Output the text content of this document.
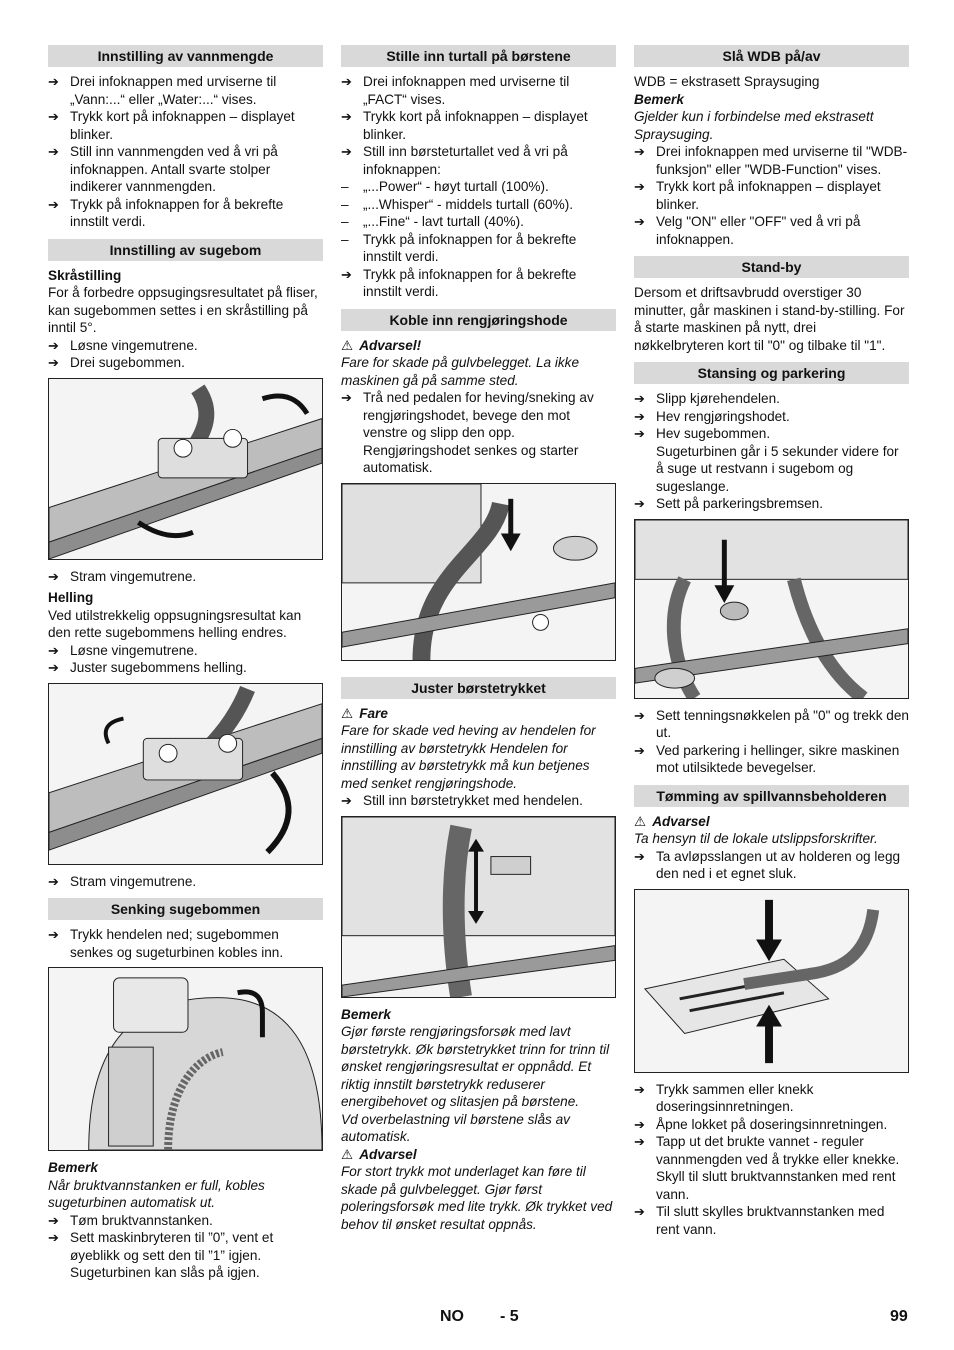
Innstilling av vannmengde
➔ Drei infoknappen med urviserne til „Vann:...“ eller „Water:...“ vises.
➔ Trykk kort på infoknappen – displayet blinker.
➔ Still inn vannmengden ved å vri på infoknappen. Antall svarte stolper indikerer vannmengden.
➔ Trykk på infoknappen for å bekrefte innstilt verdi.
Innstilling av sugebom
Skråstilling
For å forbedre oppsugingsresultatet på fliser, kan sugebommen settes i en skråstilling på inntil 5°.
➔ Løsne vingemutrene.
➔ Drei sugebommen.
➔ Stram vingemutrene.
Helling
Ved utilstrekkelig oppsugningsresultat kan den rette sugebommens helling endres.
➔ Løsne vingemutrene.
➔ Juster sugebommens helling.
➔ Stram vingemutrene.
Senking sugebommen
➔ Trykk hendelen ned; sugebommen senkes og sugeturbinen kobles inn.
Bemerk
Når bruktvannstanken er full, kobles sugeturbinen automatisk ut.
➔ Tøm bruktvannstanken.
➔ Sett maskinbryteren til ”0”, vent et øyeblikk og sett den til ”1” igjen.
Sugeturbinen kan slås på igjen.
Stille inn turtall på børstene
➔ Drei infoknappen med urviserne til „FACT“ vises.
➔ Trykk kort på infoknappen – displayet blinker.
➔ Still inn børsteturtallet ved å vri på infoknappen:
– „...Power“ - høyt turtall (100%).
– „...Whisper“ - middels turtall (60%).
– „...Fine“ - lavt turtall (40%).
– Trykk på infoknappen for å bekrefte innstilt verdi.
➔ Trykk på infoknappen for å bekrefte innstilt verdi.
Koble inn rengjøringshode
⚠ Advarsel!
Fare for skade på gulvbelegget. La ikke maskinen gå på samme sted.
➔ Trå ned pedalen for heving/sneking av rengjøringshodet, bevege den mot venstre og slipp den opp.
Rengjøringshodet senkes og starter automatisk.
Juster børstetrykket
⚠ Fare
Fare for skade ved heving av hendelen for innstilling av børstetrykk Hendelen for innstilling av børstetrykk må kun betjenes med senket rengjøringshode.
➔ Still inn børstetrykket med hendelen.
Bemerk
Gjør første rengjøringsforsøk med lavt børstetrykk. Øk børstetrykket trinn for trinn til ønsket rengjøringsresultat er oppnådd. Et riktig innstilt børstetrykk reduserer energibehovet og slitasjen på børstene.
Vd overbelastning vil børstene slås av automatisk.
⚠ Advarsel
For stort trykk mot underlaget kan føre til skade på gulvbelegget. Gjør først poleringsforsøk med lite trykk. Øk trykket ved behov til ønsket resultat oppnås.
Slå WDB på/av
WDB = ekstrasett Spraysuging
Bemerk
Gjelder kun i forbindelse med ekstrasett Spraysuging.
➔ Drei infoknappen med urviserne til "WDB-funksjon" eller "WDB-Function" vises.
➔ Trykk kort på infoknappen – displayet blinker.
➔ Velg "ON" eller "OFF" ved å vri på infoknappen.
Stand-by
Dersom et driftsavbrudd overstiger 30 minutter, går maskinen i stand-by-stilling. For å starte maskinen på nytt, drei nøkkelbryteren kort til "0" og tilbake til "1".
Stansing og parkering
➔ Slipp kjørehendelen.
➔ Hev rengjøringshodet.
➔ Hev sugebommen.
Sugeturbinen går i 5 sekunder videre for å suge ut restvann i sugebom og sugeslange.
➔ Sett på parkeringsbremsen.
➔ Sett tenningsnøkkelen på "0" og trekk den ut.
➔ Ved parkering i hellinger, sikre maskinen mot utilsiktede bevegelser.
Tømming av spillvannsbeholderen
⚠ Advarsel
Ta hensyn til de lokale utslippsforskrifter.
➔ Ta avløpsslangen ut av holderen og legg den ned i et egnet sluk.
➔ Trykk sammen eller knekk doseringsinnretningen.
➔ Åpne lokket på doseringsinnretningen.
➔ Tapp ut det brukte vannet - reguler vannmengden ved å trykke eller knekke. Skyll til slutt bruktvannstanken med rent vann.
➔ Til slutt skylles bruktvannstanken med rent vann.
NO - 5	99
